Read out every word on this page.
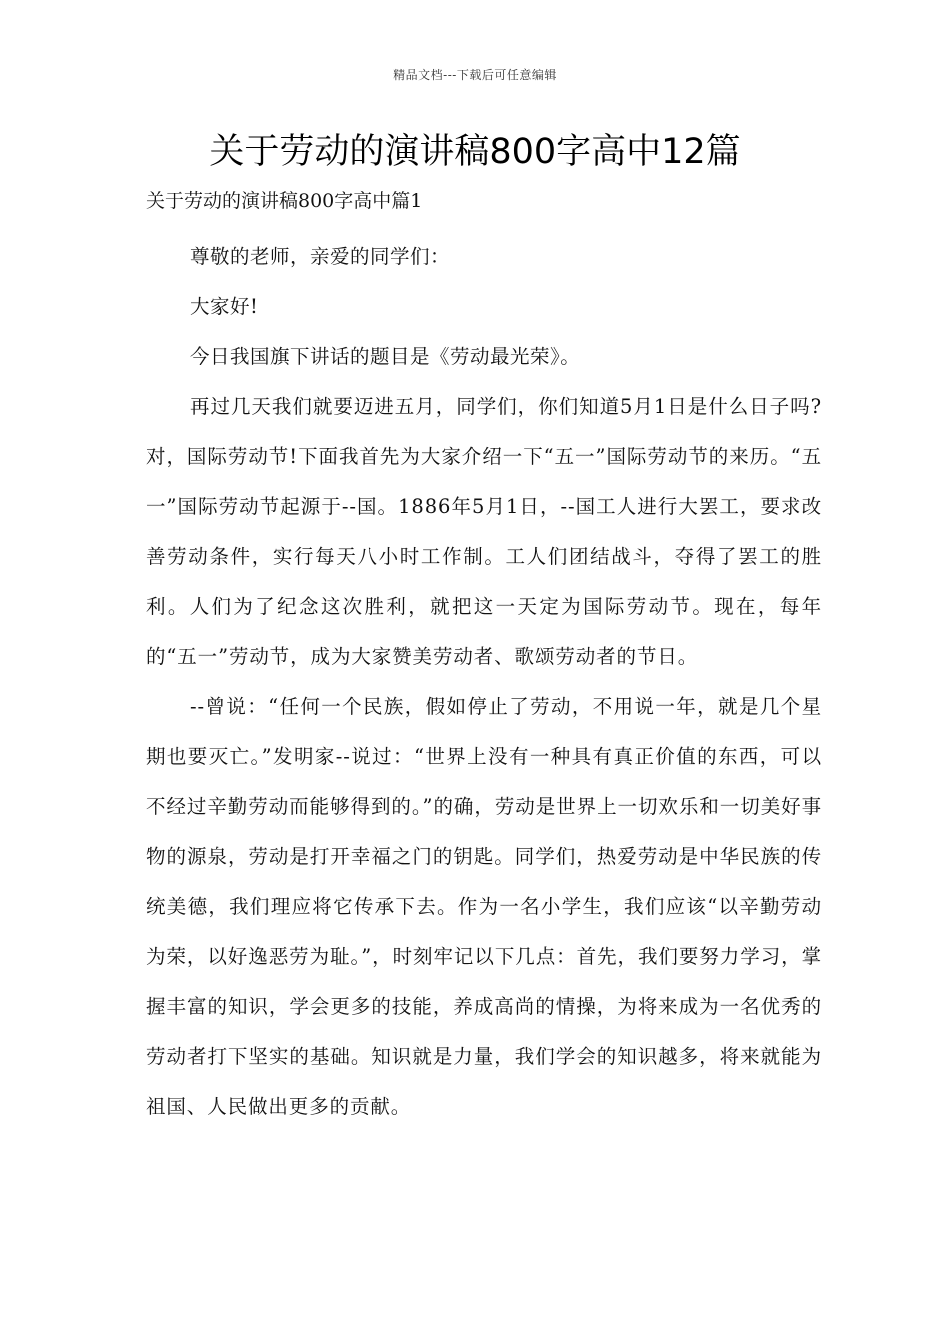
精品文档---下载后可任意编辑
关于劳动的演讲稿800字高中12篇
关于劳动的演讲稿800字高中篇1

尊敬的老师，亲爱的同学们：

大家好!

今日我国旗下讲话的题目是《劳动最光荣》。

再过几天我们就要迈进五月，同学们，你们知道5月1日是什么日子吗?对，国际劳动节!下面我首先为大家介绍一下“五一”国际劳动节的来历。“五一”国际劳动节起源于--国。1886年5月1日，--国工人进行大罢工，要求改善劳动条件，实行每天八小时工作制。工人们团结战斗，夺得了罢工的胜利。人们为了纪念这次胜利，就把这一天定为国际劳动节。现在，每年的“五一”劳动节，成为大家赞美劳动者、歌颂劳动者的节日。

--曾说：“任何一个民族，假如停止了劳动，不用说一年，就是几个星期也要灭亡。”发明家--说过：“世界上没有一种具有真正价值的东西，可以不经过辛勤劳动而能够得到的。”的确，劳动是世界上一切欢乐和一切美好事物的源泉，劳动是打开幸福之门的钥匙。同学们，热爱劳动是中华民族的传统美德，我们理应将它传承下去。作为一名小学生，我们应该“以辛勤劳动为荣，以好逸恶劳为耻。”，时刻牢记以下几点：首先，我们要努力学习，掌握丰富的知识，学会更多的技能，养成高尚的情操，为将来成为一名优秀的劳动者打下坚实的基础。知识就是力量，我们学会的知识越多，将来就能为祖国、人民做出更多的贡献。
